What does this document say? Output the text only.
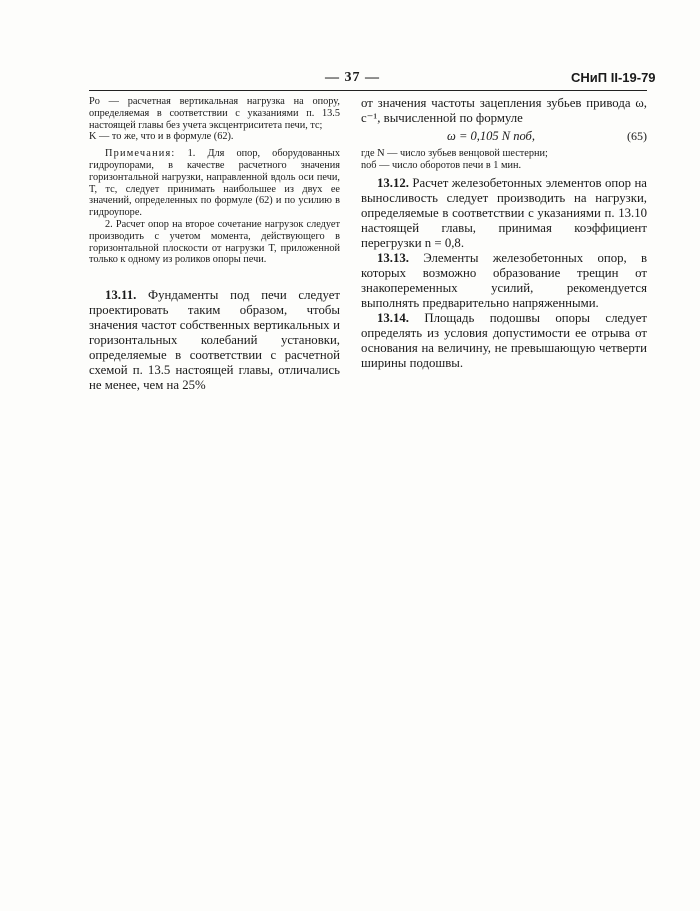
— 37 —	СНиП II-19-79

Pо — расчетная вертикальная нагрузка на опору, определяемая в соответствии с указаниями п. 13.5 настоящей главы без учета эксцентриситета печи, тс;

K — то же, что и в формуле (62).

Примечания: 1. Для опор, оборудованных гидроупорами, в качестве расчетного значения горизонтальной нагрузки, направленной вдоль оси печи, T, тс, следует принимать наибольшее из двух ее значений, определенных по формуле (62) и по усилию в гидроупоре.

2. Расчет опор на второе сочетание нагрузок следует производить с учетом момента, действующего в горизонтальной плоскости от нагрузки T, приложенной только к одному из роликов опоры печи.

13.11. Фундаменты под печи следует проектировать таким образом, чтобы значения частот собственных вертикальных и горизонтальных колебаний установки, определяемые в соответствии с расчетной схемой п. 13.5 настоящей главы, отличались не менее, чем на 25%

от значения частоты зацепления зубьев привода ω, с⁻¹, вычисленной по формуле

ω = 0,105 N nоб,	(65)

где N — число зубьев венцовой шестерни;

nоб — число оборотов печи в 1 мин.

13.12. Расчет железобетонных элементов опор на выносливость следует производить на нагрузки, определяемые в соответствии с указаниями п. 13.10 настоящей главы, принимая коэффициент перегрузки n = 0,8.

13.13. Элементы железобетонных опор, в которых возможно образование трещин от знакопеременных усилий, рекомендуется выполнять предварительно напряженными.

13.14. Площадь подошвы опоры следует определять из условия допустимости ее отрыва от основания на величину, не превышающую четверти ширины подошвы.
